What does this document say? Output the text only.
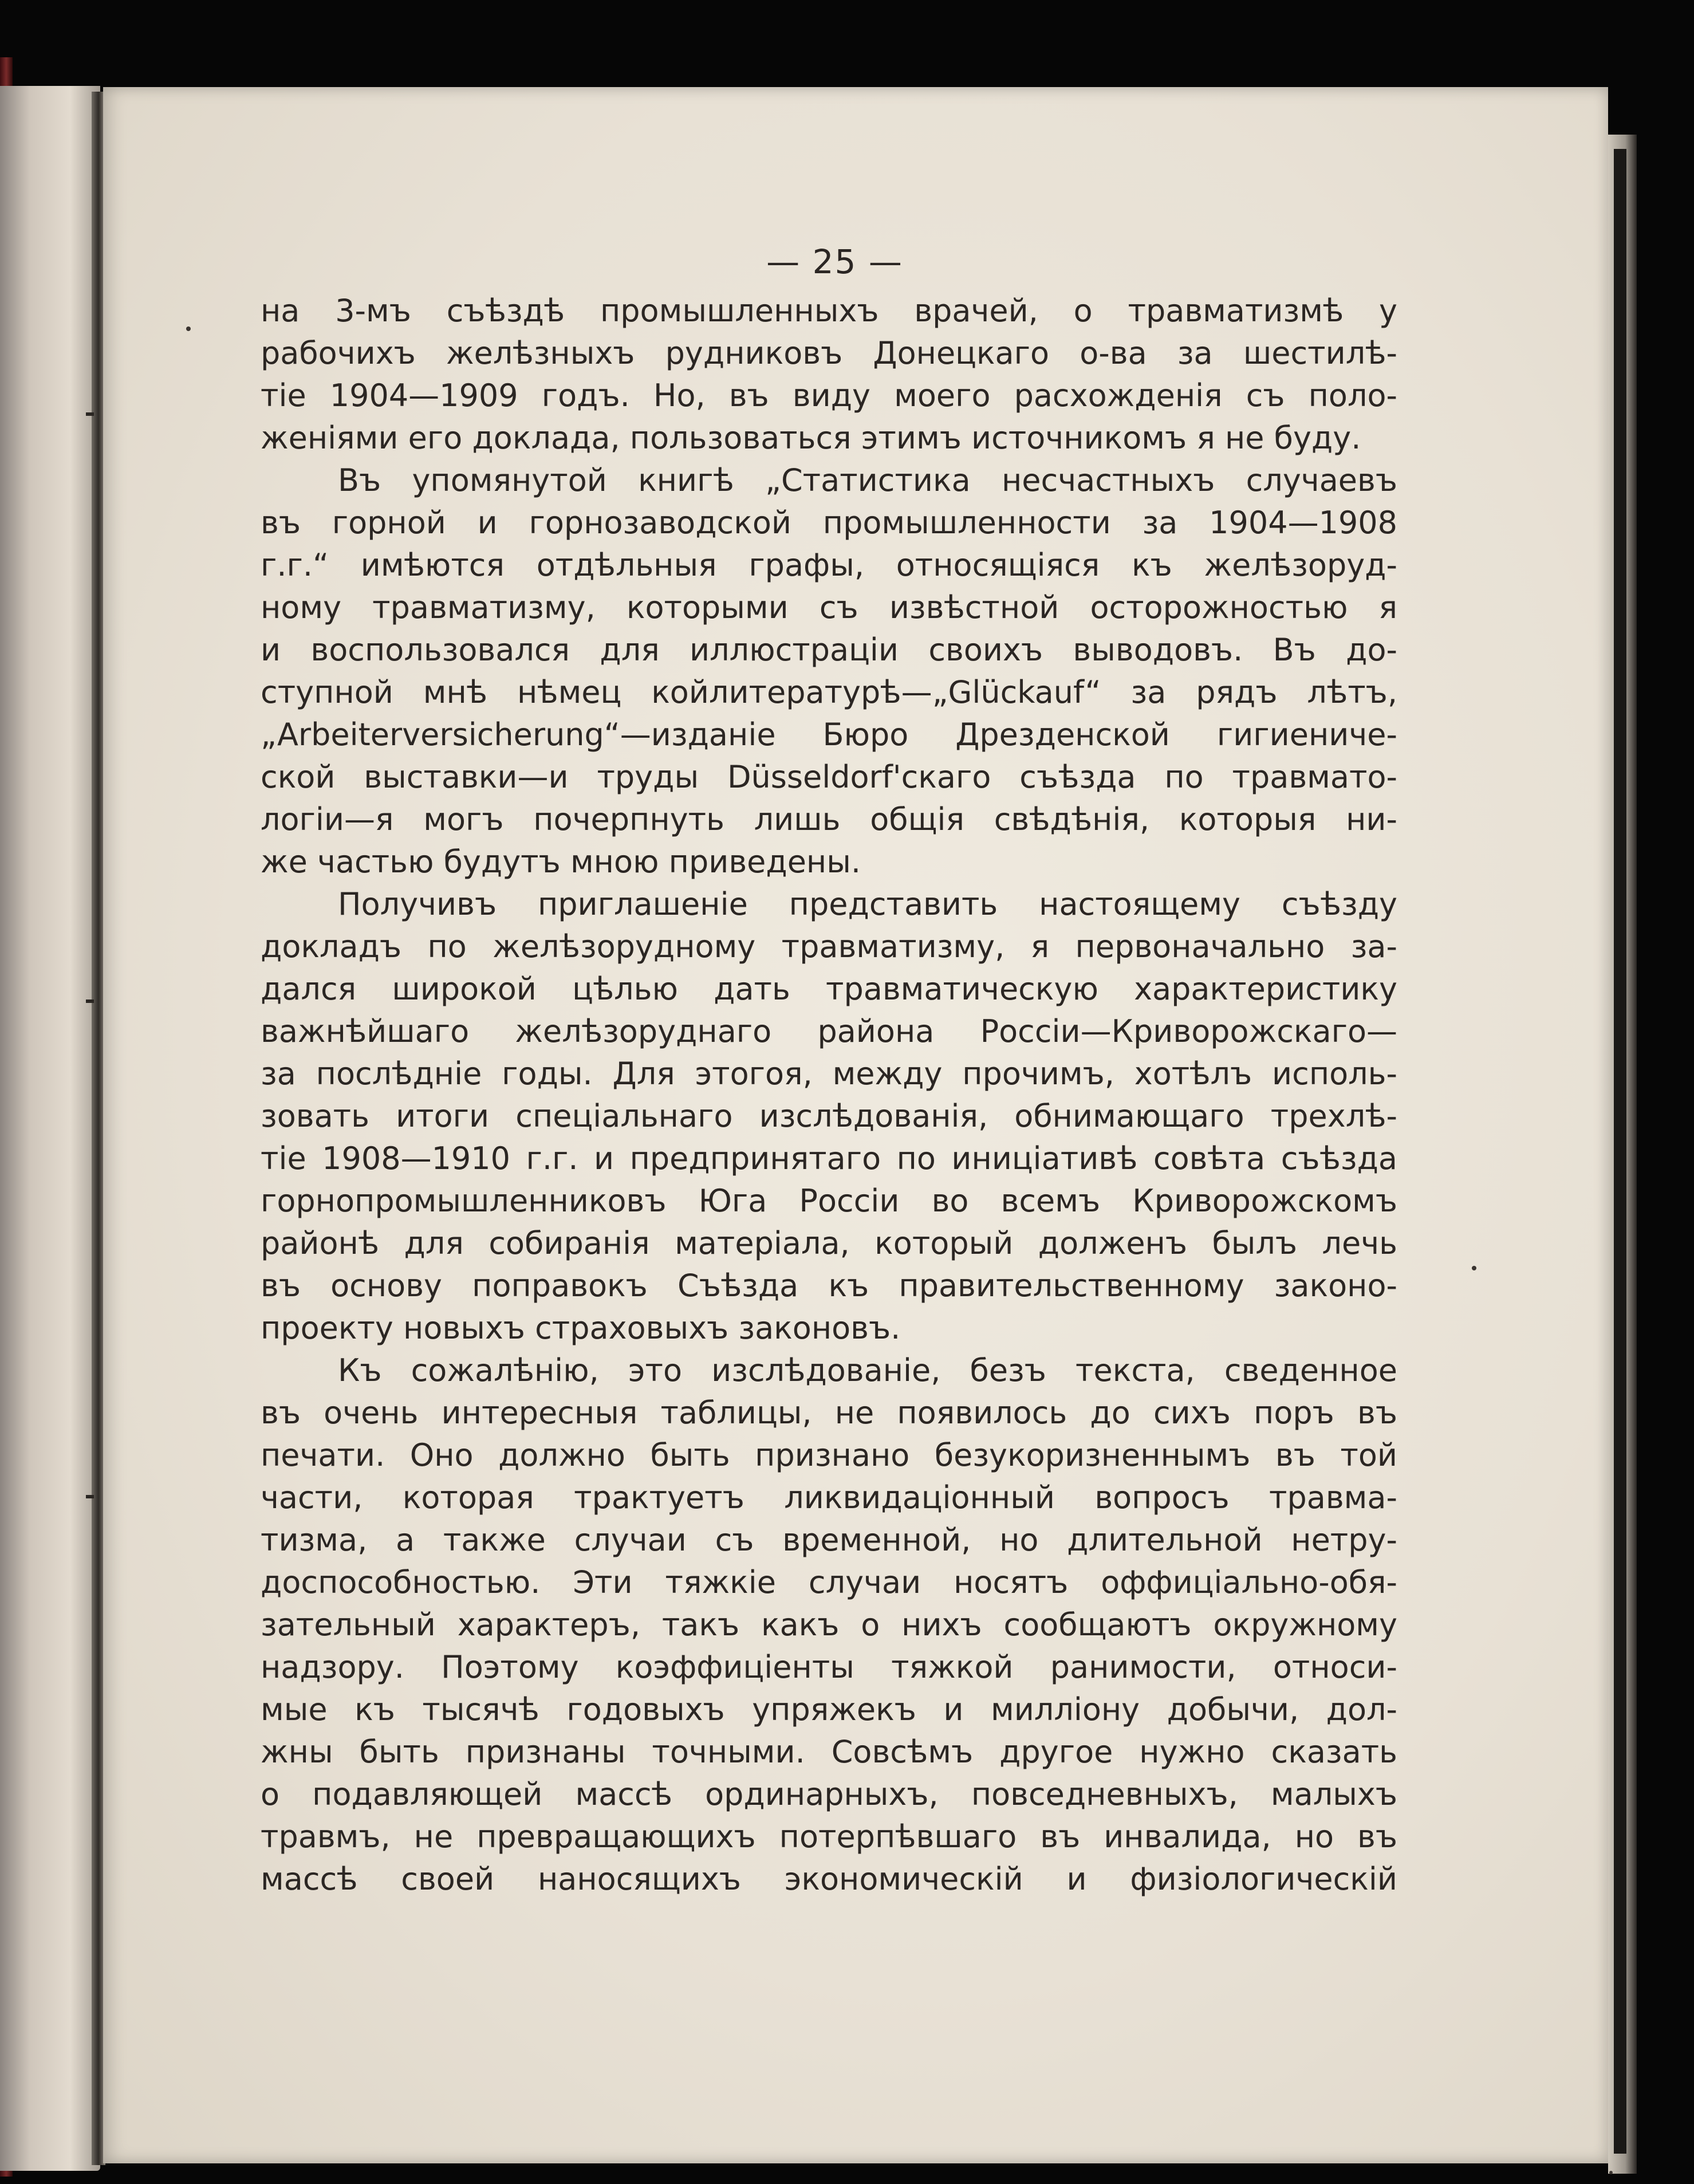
— 25 —
на 3-мъ съѣздѣ промышленныхъ врачей, о травматизмѣ у
рабочихъ желѣзныхъ рудниковъ Донецкаго о-ва за шестилѣ-
тіе 1904—1909 годъ. Но, въ виду моего расхожденія съ поло-
женіями его доклада, пользоваться этимъ источникомъ я не буду.
Въ упомянутой книгѣ „Статистика несчастныхъ случаевъ
въ горной и горнозаводской промышленности за 1904—1908
г.г.“ имѣются отдѣльныя графы, относящіяся къ желѣзоруд-
ному травматизму, которыми съ извѣстной осторожностью я
и воспользовался для иллюстраціи своихъ выводовъ. Въ до-
ступной мнѣ нѣмец койлитературѣ—„Glückauf“ за рядъ лѣтъ,
„Arbeiterversicherung“—изданіе Бюро Дрезденской гигиениче-
ской выставки—и труды Düsseldorf'скаго съѣзда по травмато-
логіи—я могъ почерпнуть лишь общія свѣдѣнія, которыя ни-
же частью будутъ мною приведены.
Получивъ приглашеніе представить настоящему съѣзду
докладъ по желѣзорудному травматизму, я первоначально за-
дался широкой цѣлью дать травматическую характеристику
важнѣйшаго желѣзоруднаго района Россіи—Криворожскаго—
за послѣдніе годы. Для этогоя, между прочимъ, хотѣлъ исполь-
зовать итоги спеціальнаго изслѣдованія, обнимающаго трехлѣ-
тіе 1908—1910 г.г. и предпринятаго по иниціативѣ совѣта съѣзда
горнопромышленниковъ Юга Россіи во всемъ Криворожскомъ
районѣ для собиранія матеріала, который долженъ былъ лечь
въ основу поправокъ Съѣзда къ правительственному законо-
проекту новыхъ страховыхъ законовъ.
Къ сожалѣнію, это изслѣдованіе, безъ текста, сведенное
въ очень интересныя таблицы, не появилось до сихъ поръ въ
печати. Оно должно быть признано безукоризненнымъ въ той
части, которая трактуетъ ликвидаціонный вопросъ травма-
тизма, а также случаи съ временной, но длительной нетру-
доспособностью. Эти тяжкіе случаи носятъ оффиціально-обя-
зательный характеръ, такъ какъ о нихъ сообщаютъ окружному
надзору. Поэтому коэффиціенты тяжкой ранимости, относи-
мые къ тысячѣ годовыхъ упряжекъ и милліону добычи, дол-
жны быть признаны точными. Совсѣмъ другое нужно сказать
о подавляющей массѣ ординарныхъ, повседневныхъ, малыхъ
травмъ, не превращающихъ потерпѣвшаго въ инвалида, но въ
массѣ своей наносящихъ экономическій и физіологическій
